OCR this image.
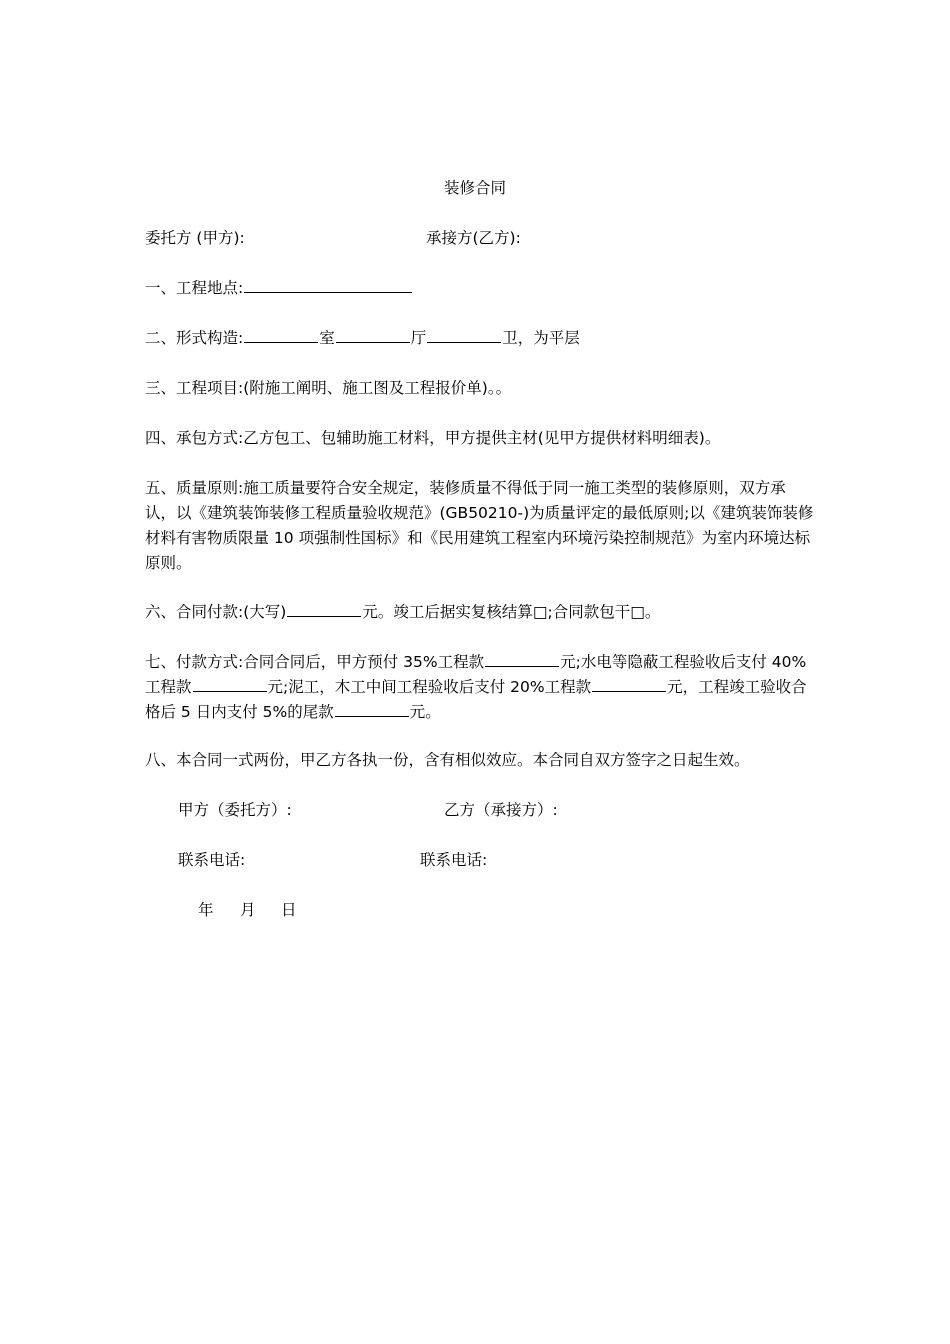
装修合同
委托方 (甲方):	承接方(乙方):
一、工程地点:
二、形式构造:	室	厅	卫，为平层
三、工程项目:(附施工阐明、施工图及工程报价单)。。
四、承包方式:乙方包工、包辅助施工材料，甲方提供主材(见甲方提供材料明细表)。
五、质量原则:施工质量要符合安全规定，装修质量不得低于同一施工类型的装修原则，双方承认，以《建筑装饰装修工程质量验收规范》(GB50210-)为质量评定的最低原则;以《建筑装饰装修材料有害物质限量 10 项强制性国标》和《民用建筑工程室内环境污染控制规范》为室内环境达标原则。
六、合同付款:(大写)	元。竣工后据实复核结算□;合同款包干□。
七、付款方式:合同合同后，甲方预付 35%工程款	元;水电等隐蔽工程验收后支付 40%工程款	元;泥工，木工中间工程验收后支付 20%工程款	元，工程竣工验收合格后 5 日内支付 5%的尾款	元。
八、本合同一式两份，甲乙方各执一份，含有相似效应。本合同自双方签字之日起生效。
甲方（委托方）:	乙方（承接方）:
联系电话:	联系电话:
年 月 日
